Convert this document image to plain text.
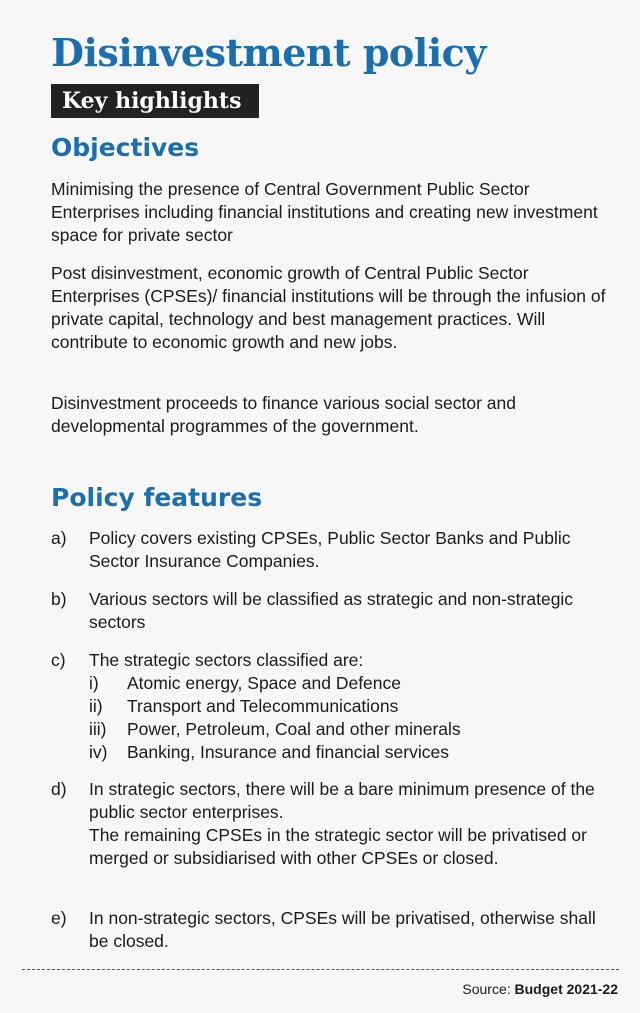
Disinvestment policy
Key highlights
Objectives

Minimising the presence of Central Government Public Sector Enterprises including financial institutions and creating new investment space for private sector

Post disinvestment, economic growth of Central Public Sector Enterprises (CPSEs)/ financial institutions will be through the infusion of private capital, technology and best management practices. Will contribute to economic growth and new jobs.

Disinvestment proceeds to finance various social sector and developmental programmes of the government.

Policy features
a)	Policy covers existing CPSEs, Public Sector Banks and Public Sector Insurance Companies.
b)	Various sectors will be classified as strategic and non-strategic sectors
c)	The strategic sectors classified are:
i)	Atomic energy, Space and Defence
ii)	Transport and Telecommunications
iii)	Power, Petroleum, Coal and other minerals
iv)	Banking, Insurance and financial services
d)	In strategic sectors, there will be a bare minimum presence of the public sector enterprises.
The remaining CPSEs in the strategic sector will be privatised or merged or subsidiarised with other CPSEs or closed.
e)	In non-strategic sectors, CPSEs will be privatised, otherwise shall be closed.
Source: Budget 2021-22
